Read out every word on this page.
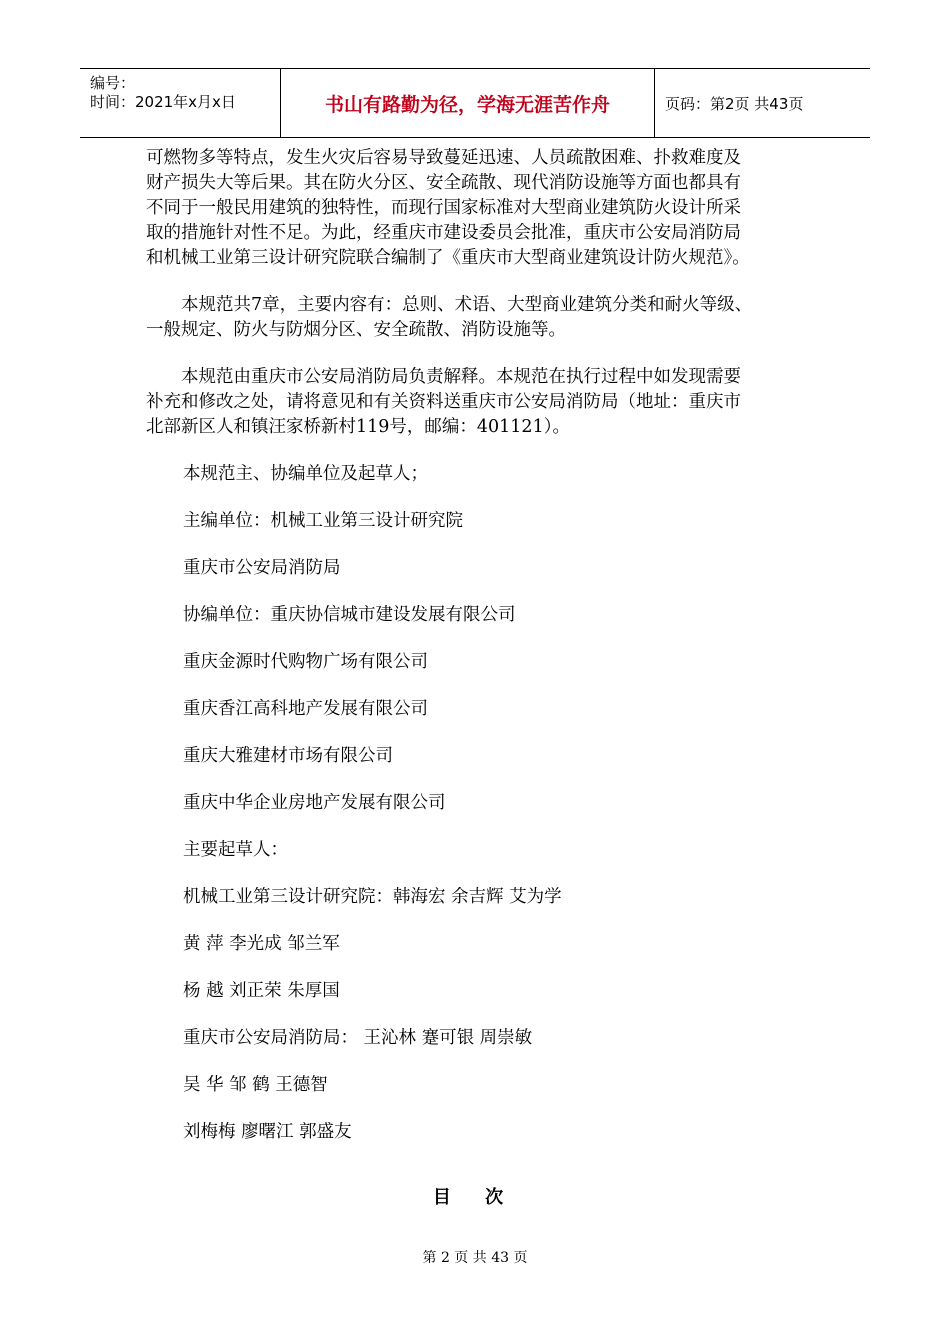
编号：
时间：2021年x月x日	书山有路勤为径，学海无涯苦作舟	页码：第2页 共43页

可燃物多等特点，发生火灾后容易导致蔓延迅速、人员疏散困难、扑救难度及

财产损失大等后果。其在防火分区、安全疏散、现代消防设施等方面也都具有

不同于一般民用建筑的独特性，而现行国家标准对大型商业建筑防火设计所采

取的措施针对性不足。为此，经重庆市建设委员会批准，重庆市公安局消防局

和机械工业第三设计研究院联合编制了《重庆市大型商业建筑设计防火规范》。

本规范共7章，主要内容有：总则、术语、大型商业建筑分类和耐火等级、

一般规定、防火与防烟分区、安全疏散、消防设施等。

本规范由重庆市公安局消防局负责解释。本规范在执行过程中如发现需要

补充和修改之处，请将意见和有关资料送重庆市公安局消防局（地址：重庆市

北部新区人和镇汪家桥新村119号，邮编：401121）。

本规范主、协编单位及起草人；

主编单位：机械工业第三设计研究院

重庆市公安局消防局

协编单位：重庆协信城市建设发展有限公司

重庆金源时代购物广场有限公司

重庆香江高科地产发展有限公司

重庆大雅建材市场有限公司

重庆中华企业房地产发展有限公司

主要起草人：

机械工业第三设计研究院：韩海宏 余吉辉 艾为学

黄 萍 李光成 邹兰军

杨 越 刘正荣 朱厚国

重庆市公安局消防局： 王沁林 蹇可银 周崇敏

吴 华 邹 鹤 王德智

刘梅梅 廖曙江 郭盛友

目 次
第 2 页 共 43 页
